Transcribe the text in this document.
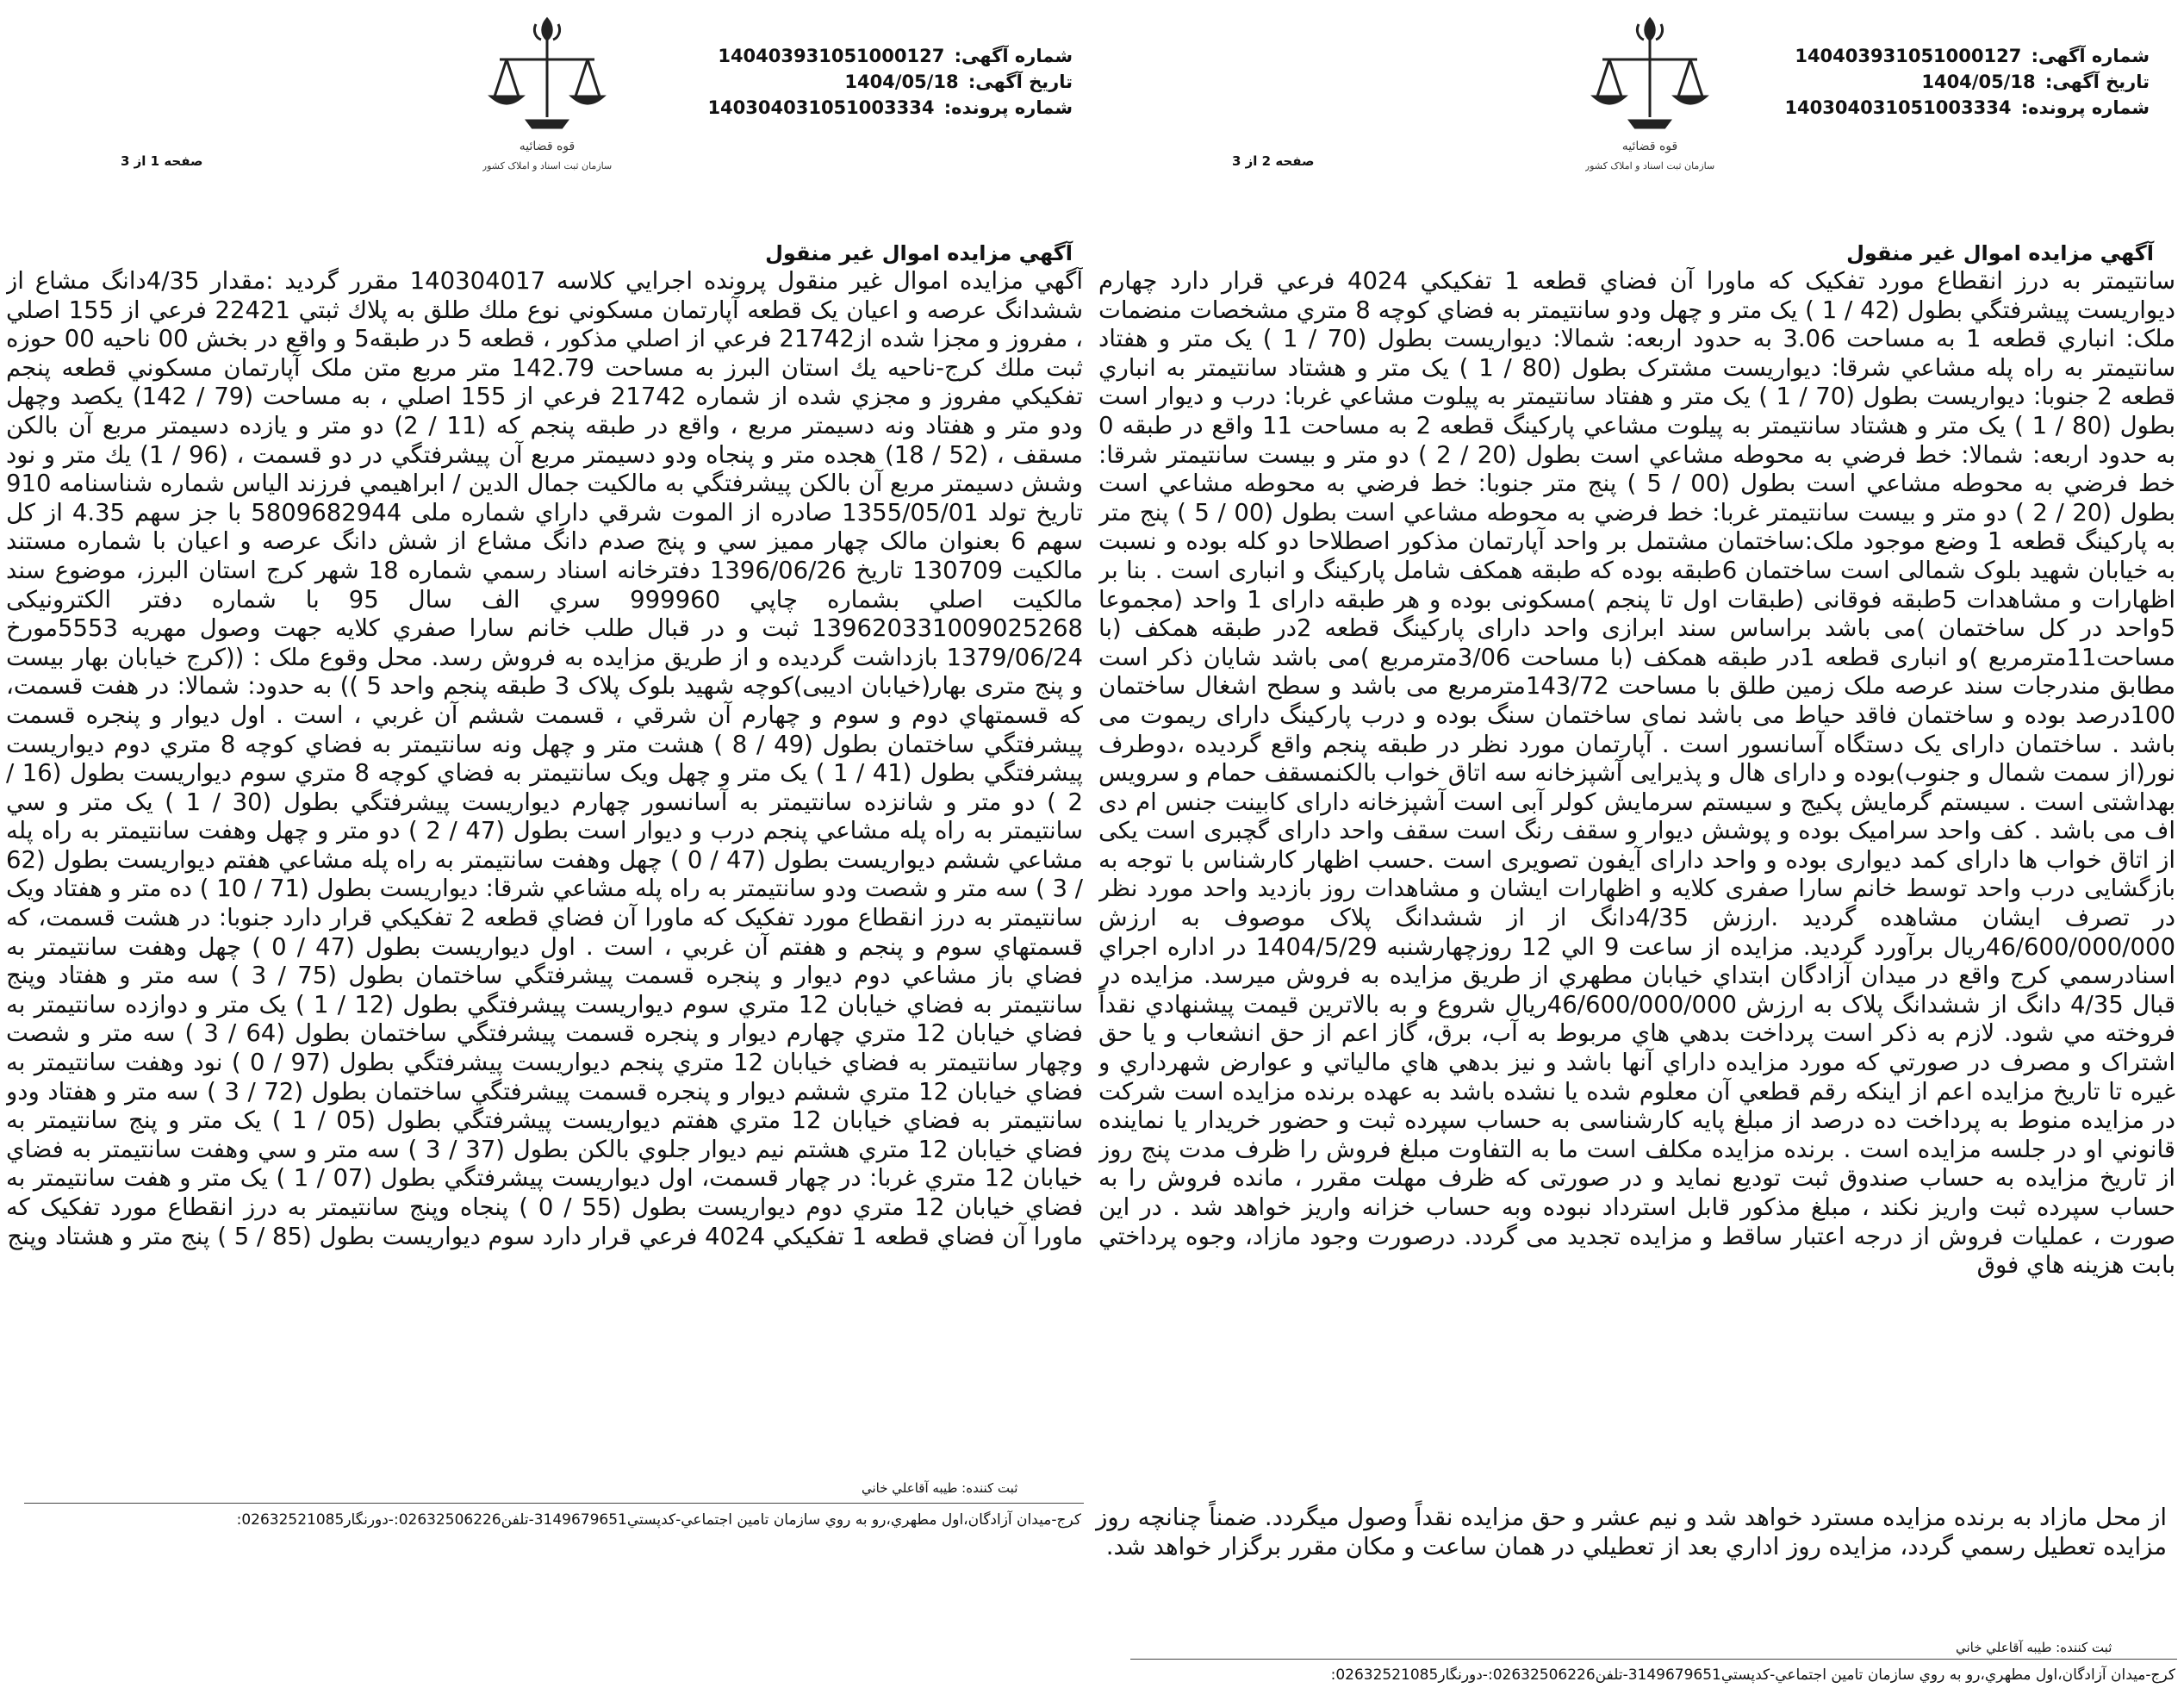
قوه قضائیه
سازمان ثبت اسناد و املاک کشور
شماره آگهی: 140403931051000127
تاریخ آگهی: 1404/05/18
شماره پرونده: 140304031051003334
صفحه 1 از 3
آگهي مزايده اموال غير منقول
آگهي مزايده اموال غير منقول پرونده اجرايي كلاسه 140304017 مقرر گرديد :مقدار 4/35دانگ مشاع از ششدانگ عرصه و اعيان يک قطعه آپارتمان مسكوني نوع ملك طلق به پلاك ثبتي 22421 فرعي از 155 اصلي ، مفروز و مجزا شده از21742 فرعي از اصلي مذكور ، قطعه 5 در طبقه5 و واقع در بخش 00 ناحيه 00 حوزه ثبت ملك كرج-ناحيه يك استان البرز به مساحت 142.79 متر مربع متن ملک آپارتمان مسكوني قطعه پنجم تفكيكي مفروز و مجزي شده از شماره 21742 فرعي از 155 اصلي ، به مساحت (79 / 142) يكصد وچهل ودو متر و هفتاد ونه دسيمتر مربع ، واقع در طبقه پنجم كه (11 / 2) دو متر و يازده دسيمتر مربع آن بالكن مسقف ، (52 / 18) هجده متر و پنجاه ودو دسيمتر مربع آن پيشرفتگي در دو قسمت ، (96 / 1) يك متر و نود وشش دسيمتر مربع آن بالكن پيشرفتگي به مالكيت جمال الدين / ابراهيمي فرزند الياس شماره شناسنامه 910 تاريخ تولد 1355/05/01 صادره از الموت شرقي داراي شماره ملی 5809682944 با جز سهم 4.35 از كل سهم 6 بعنوان مالک چهار مميز سي و پنج صدم دانگ مشاع از شش دانگ عرصه و اعيان با شماره مستند مالكيت 130709 تاريخ 1396/06/26 دفترخانه اسناد رسمي شماره 18 شهر كرج استان البرز، موضوع سند مالكيت اصلي بشماره چاپي 999960 سري الف سال 95 با شماره دفتر الكترونيكی 139620331009025268 ثبت و در قبال طلب خانم سارا صفري كلايه جهت وصول مهريه 5553مورخ 1379/06/24 بازداشت گرديده و از طريق مزايده به فروش رسد. محل وقوع ملک : ((كرج خيابان بهار بيست و پنج متری بهار(خيابان اديبی)كوچه شهيد بلوک پلاک 3 طبقه پنجم واحد 5 )) به حدود: شمالا: در هفت قسمت، كه قسمتهاي دوم و سوم و چهارم آن شرقي ، قسمت ششم آن غربي ، است . اول ديوار و پنجره قسمت پيشرفتگي ساختمان بطول (49 / 8 ) هشت متر و چهل ونه سانتيمتر به فضاي كوچه 8 متري دوم ديواريست پيشرفتگي بطول (41 / 1 ) يک متر و چهل ويک سانتيمتر به فضاي كوچه 8 متري سوم ديواريست بطول (16 / 2 ) دو متر و شانزده سانتيمتر به آسانسور چهارم ديواريست پيشرفتگي بطول (30 / 1 ) يک متر و سي سانتيمتر به راه پله مشاعي پنجم درب و ديوار است بطول (47 / 2 ) دو متر و چهل وهفت سانتيمتر به راه پله مشاعي ششم ديواريست بطول (47 / 0 ) چهل وهفت سانتيمتر به راه پله مشاعي هفتم ديواريست بطول (62 / 3 ) سه متر و شصت ودو سانتيمتر به راه پله مشاعي شرقا: ديواريست بطول (71 / 10 ) ده متر و هفتاد ويک سانتيمتر به درز انقطاع مورد تفكيک كه ماورا آن فضاي قطعه 2 تفكيكي قرار دارد جنوبا: در هشت قسمت، كه قسمتهاي سوم و پنجم و هفتم آن غربي ، است . اول ديواريست بطول (47 / 0 ) چهل وهفت سانتيمتر به فضاي باز مشاعي دوم ديوار و پنجره قسمت پيشرفتگي ساختمان بطول (75 / 3 ) سه متر و هفتاد وپنج سانتيمتر به فضاي خيابان 12 متري سوم ديواريست پيشرفتگي بطول (12 / 1 ) يک متر و دوازده سانتيمتر به فضاي خيابان 12 متري چهارم ديوار و پنجره قسمت پيشرفتگي ساختمان بطول (64 / 3 ) سه متر و شصت وچهار سانتيمتر به فضاي خيابان 12 متري پنجم ديواريست پيشرفتگي بطول (97 / 0 ) نود وهفت سانتيمتر به فضاي خيابان 12 متري ششم ديوار و پنجره قسمت پيشرفتگي ساختمان بطول (72 / 3 ) سه متر و هفتاد ودو سانتيمتر به فضاي خيابان 12 متري هفتم ديواريست پيشرفتگي بطول (05 / 1 ) يک متر و پنج سانتيمتر به فضاي خيابان 12 متري هشتم نيم ديوار جلوي بالكن بطول (37 / 3 ) سه متر و سي وهفت سانتيمتر به فضاي خيابان 12 متري غربا: در چهار قسمت، اول ديواريست پيشرفتگي بطول (07 / 1 ) يک متر و هفت سانتيمتر به فضاي خيابان 12 متري دوم ديواريست بطول (55 / 0 ) پنجاه وپنج سانتيمتر به درز انقطاع مورد تفكيک كه ماورا آن فضاي قطعه 1 تفكيكي 4024 فرعي قرار دارد سوم ديواريست بطول (85 / 5 ) پنج متر و هشتاد وپنج
ثبت كننده: طيبه آقاعلي خاني
كرج-ميدان آزادگان،اول مطهري،رو به روي سازمان تامين اجتماعي-كدپستي3149679651-تلفن02632506226:-دورنگار02632521085:
قوه قضائیه
سازمان ثبت اسناد و املاک کشور
شماره آگهی: 140403931051000127
تاریخ آگهی: 1404/05/18
شماره پرونده: 140304031051003334
صفحه 2 از 3
آگهي مزايده اموال غير منقول
سانتيمتر به درز انقطاع مورد تفكيک كه ماورا آن فضاي قطعه 1 تفكيكي 4024 فرعي قرار دارد چهارم ديواريست پيشرفتگي بطول (42 / 1 ) يک متر و چهل ودو سانتيمتر به فضاي كوچه 8 متري مشخصات منضمات ملک: انباري قطعه 1 به مساحت 3.06 به حدود اربعه: شمالا: ديواريست بطول (70 / 1 ) يک متر و هفتاد سانتيمتر به راه پله مشاعي شرقا: ديواريست مشترک بطول (80 / 1 ) يک متر و هشتاد سانتيمتر به انباري قطعه 2 جنوبا: ديواريست بطول (70 / 1 ) يک متر و هفتاد سانتيمتر به پيلوت مشاعي غربا: درب و ديوار است بطول (80 / 1 ) يک متر و هشتاد سانتيمتر به پيلوت مشاعي پاركينگ قطعه 2 به مساحت 11 واقع در طبقه 0 به حدود اربعه: شمالا: خط فرضي به محوطه مشاعي است بطول (20 / 2 ) دو متر و بيست سانتيمتر شرقا: خط فرضي به محوطه مشاعي است بطول (00 / 5 ) پنج متر جنوبا: خط فرضي به محوطه مشاعي است بطول (20 / 2 ) دو متر و بيست سانتيمتر غربا: خط فرضي به محوطه مشاعي است بطول (00 / 5 ) پنج متر به پاركينگ قطعه 1 وضع موجود ملک:ساختمان مشتمل بر واحد آپارتمان مذكور اصطلاحا دو كله بوده و نسبت به خيابان شهيد بلوک شمالی است ساختمان 6طبقه بوده كه طبقه همكف شامل پاركينگ و انباری است . بنا بر اظهارات و مشاهدات 5طبقه فوقانی (طبقات اول تا پنجم )مسكونی بوده و هر طبقه دارای 1 واحد (مجموعا 5واحد در كل ساختمان )می باشد براساس سند ابرازی واحد دارای پاركينگ قطعه 2در طبقه همكف (با مساحت11مترمربع )و انباری قطعه 1در طبقه همكف (با مساحت 3/06مترمربع )می باشد شايان ذكر است مطابق مندرجات سند عرصه ملک زمين طلق با مساحت 143/72مترمربع می باشد و سطح اشغال ساختمان 100درصد بوده و ساختمان فاقد حياط می باشد نمای ساختمان سنگ بوده و درب پاركينگ دارای ريموت می باشد . ساختمان دارای يک دستگاه آسانسور است . آپارتمان مورد نظر در طبقه پنجم واقع گرديده ،دوطرف نور(از سمت شمال و جنوب)بوده و دارای هال و پذيرايی آشپزخانه سه اتاق خواب بالكنمسقف حمام و سرويس بهداشتی است . سيستم گرمايش پكيج و سيستم سرمايش كولر آبی است آشپزخانه دارای كابينت جنس ام دی اف می باشد . كف واحد سراميک بوده و پوشش ديوار و سقف رنگ است سقف واحد دارای گچبری است يكی از اتاق خواب ها دارای كمد ديواری بوده و واحد دارای آيفون تصويری است .حسب اظهار كارشناس با توجه به بازگشايی درب واحد توسط خانم سارا صفری كلايه و اظهارات ايشان و مشاهدات روز بازديد واحد مورد نظر در تصرف ايشان مشاهده گرديد .ارزش 4/35دانگ از از ششدانگ پلاک موصوف به ارزش 46/600/000/000ريال برآورد گرديد. مزايده از ساعت 9 الي 12 روزچهارشنبه 1404/5/29 در اداره اجراي اسنادرسمي كرج واقع در ميدان آزادگان ابتداي خيابان مطهري از طريق مزايده به فروش ميرسد. مزايده در قبال 4/35 دانگ از ششدانگ پلاک به ارزش 46/600/000/000ريال شروع و به بالاترين قيمت پيشنهادي نقداً فروخته مي شود. لازم به ذكر است پرداخت بدهي هاي مربوط به آب، برق، گاز اعم از حق انشعاب و يا حق اشتراک و مصرف در صورتي كه مورد مزايده داراي آنها باشد و نيز بدهي هاي مالياتي و عوارض شهرداري و غيره تا تاريخ مزايده اعم از اينكه رقم قطعي آن معلوم شده يا نشده باشد به عهده برنده مزايده است شركت در مزايده منوط به پرداخت ده درصد از مبلغ پايه كارشناسی به حساب سپرده ثبت و حضور خريدار يا نماينده قانوني او در جلسه مزايده است . برنده مزايده مكلف است ما به التفاوت مبلغ فروش را ظرف مدت پنج روز از تاريخ مزايده به حساب صندوق ثبت توديع نمايد و در صورتی كه ظرف مهلت مقرر ، مانده فروش را به حساب سپرده ثبت واريز نكند ، مبلغ مذكور قابل استرداد نبوده وبه حساب خزانه واريز خواهد شد . در اين صورت ، عمليات فروش از درجه اعتبار ساقط و مزايده تجديد می گردد. درصورت وجود مازاد، وجوه پرداختي بابت هزينه هاي فوق
از محل مازاد به برنده مزايده مسترد خواهد شد و نيم عشر و حق مزايده نقداً وصول ميگردد. ضمناً چنانچه روز مزايده تعطيل رسمي گردد، مزايده روز اداري بعد از تعطيلي در همان ساعت و مكان مقرر برگزار خواهد شد.
ثبت كننده: طيبه آقاعلي خاني
كرج-ميدان آزادگان،اول مطهري،رو به روي سازمان تامين اجتماعي-كدپستي3149679651-تلفن02632506226:-دورنگار02632521085:
